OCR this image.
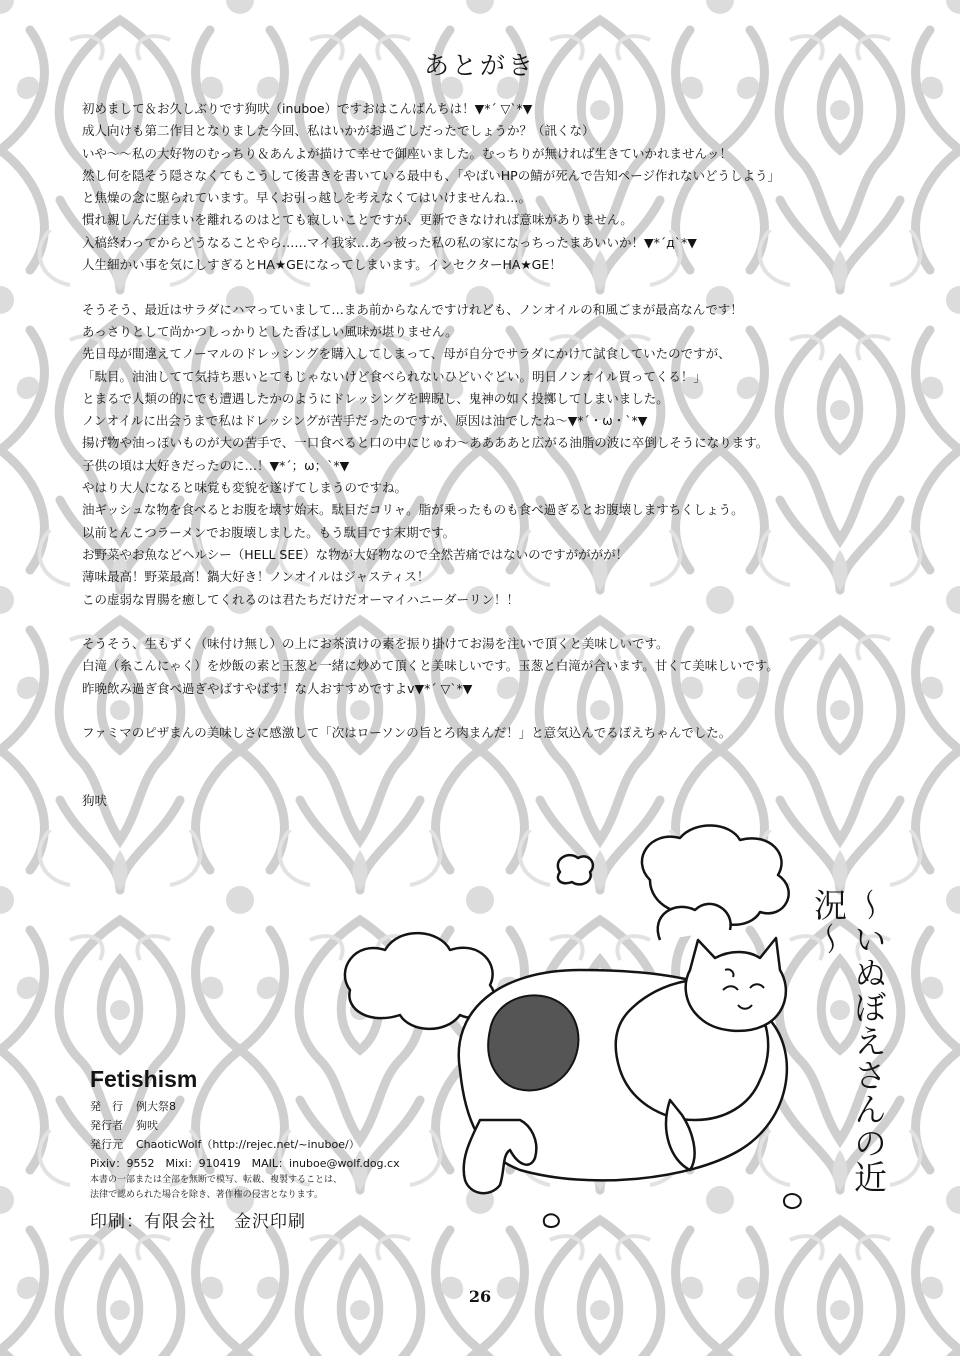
あとがき
初めまして＆お久しぶりです狗吠（inuboe）ですおはこんばんちは！▼*´ ▽`*▼
成人向けも第二作目となりました今回、私はいかがお過ごしだったでしょうか？（訊くな）
いや～～私の大好物のむっちり＆あんよが描けて幸せで御座いました。むっちりが無ければ生きていかれませんッ！
然し何を隠そう隠さなくてもこうして後書きを書いている最中も、「やばいHPの鯖が死んで告知ページ作れないどうしよう」
と焦燥の念に駆られています。早くお引っ越しを考えなくてはいけませんね…。
慣れ親しんだ住まいを離れるのはとても寂しいことですが、更新できなければ意味がありません。
入稿終わってからどうなることやら……マイ我家…あっ被った私の私の家になっちったまあいいか！▼*´д`*▼
人生細かい事を気にしすぎるとHA★GEになってしまいます。インセクターHA★GE！
そうそう、最近はサラダにハマっていまして…まあ前からなんですけれども、ノンオイルの和風ごまが最高なんです！
あっさりとして尚かつしっかりとした香ばしい風味が堪りません。
先日母が間違えてノーマルのドレッシングを購入してしまって、母が自分でサラダにかけて試食していたのですが、
「駄目。油油してて気持ち悪いとてもじゃないけど食べられないひどいぐどい。明日ノンオイル買ってくる！」
とまるで人類の的にでも遭遇したかのようにドレッシングを睥睨し、鬼神の如く投擲してしまいました。
ノンオイルに出会うまで私はドレッシングが苦手だったのですが、原因は油でしたね～▼*´・ω・`*▼
揚げ物や油っぽいものが大の苦手で、一口食べると口の中にじゅわ～ああああと広がる油脂の波に卒倒しそうになります。
子供の頃は大好きだったのに…！▼*´；ω；`*▼
やはり大人になると味覚も変貌を遂げてしまうのですね。
油ギッシュな物を食べるとお腹を壊す始末。駄目だコリャ。脂が乗ったものも食べ過ぎるとお腹壊しますちくしょう。
以前とんこつラーメンでお腹壊しました。もう駄目です末期です。
お野菜やお魚などヘルシー（HELL SEE）な物が大好物なので全然苦痛ではないのですがががが！
薄味最高！野菜最高！鍋大好き！ノンオイルはジャスティス！
この虚弱な胃腸を癒してくれるのは君たちだけだオーマイハニーダーリン！！
そうそう、生もずく（味付け無し）の上にお茶漬けの素を振り掛けてお湯を注いで頂くと美味しいです。
白滝（糸こんにゃく）を炒飯の素と玉葱と一緒に炒めて頂くと美味しいです。玉葱と白滝が合います。甘くて美味しいです。
昨晩飲み過ぎ食べ過ぎやばすやばす！な人おすすめですよv▼*´ ▽`*▼
ファミマのピザまんの美味しさに感激して「次はローソンの旨とろ肉まんだ！」と意気込んでるぽえちゃんでした。
狗吠
Fetishism
発　行 例大祭8
発行者 狗吠
発行元 ChaoticWolf（http://rejec.net/~inuboe/）
Pixiv：9552　Mixi：910419　MAIL：inuboe@wolf.dog.cx
本書の一部または全部を無断で模写、転載、複製することは、
法律で認められた場合を除き、著作権の侵害となります。
印刷：有限会社　金沢印刷
～いぬぼえさんの近況～
26
